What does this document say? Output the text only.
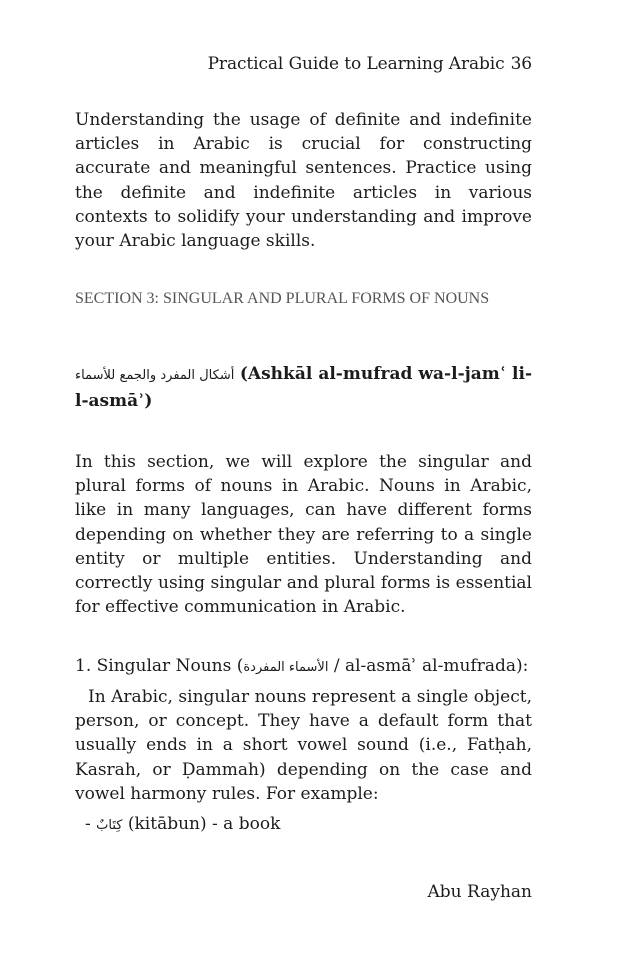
Practical Guide to Learning Arabic 36
Understanding the usage of definite and indefinite articles in Arabic is crucial for constructing accurate and meaningful sentences. Practice using the definite and indefinite articles in various contexts to solidify your understanding and improve your Arabic language skills.
SECTION 3: SINGULAR AND PLURAL FORMS OF NOUNS
أشكال المفرد والجمع للأسماء (Ashkāl al-mufrad wa-l-jamʿ li-l-asmāʾ)
In this section, we will explore the singular and plural forms of nouns in Arabic. Nouns in Arabic, like in many languages, can have different forms depending on whether they are referring to a single entity or multiple entities. Understanding and correctly using singular and plural forms is essential for effective communication in Arabic.
1. Singular Nouns (الأسماء المفردة / al-asmāʾ al-mufrada):
In Arabic, singular nouns represent a single object, person, or concept. They have a default form that usually ends in a short vowel sound (i.e., Fatḥah, Kasrah, or Ḍammah) depending on the case and vowel harmony rules. For example:
- كِتَابٌ (kitābun) - a book
Abu Rayhan
